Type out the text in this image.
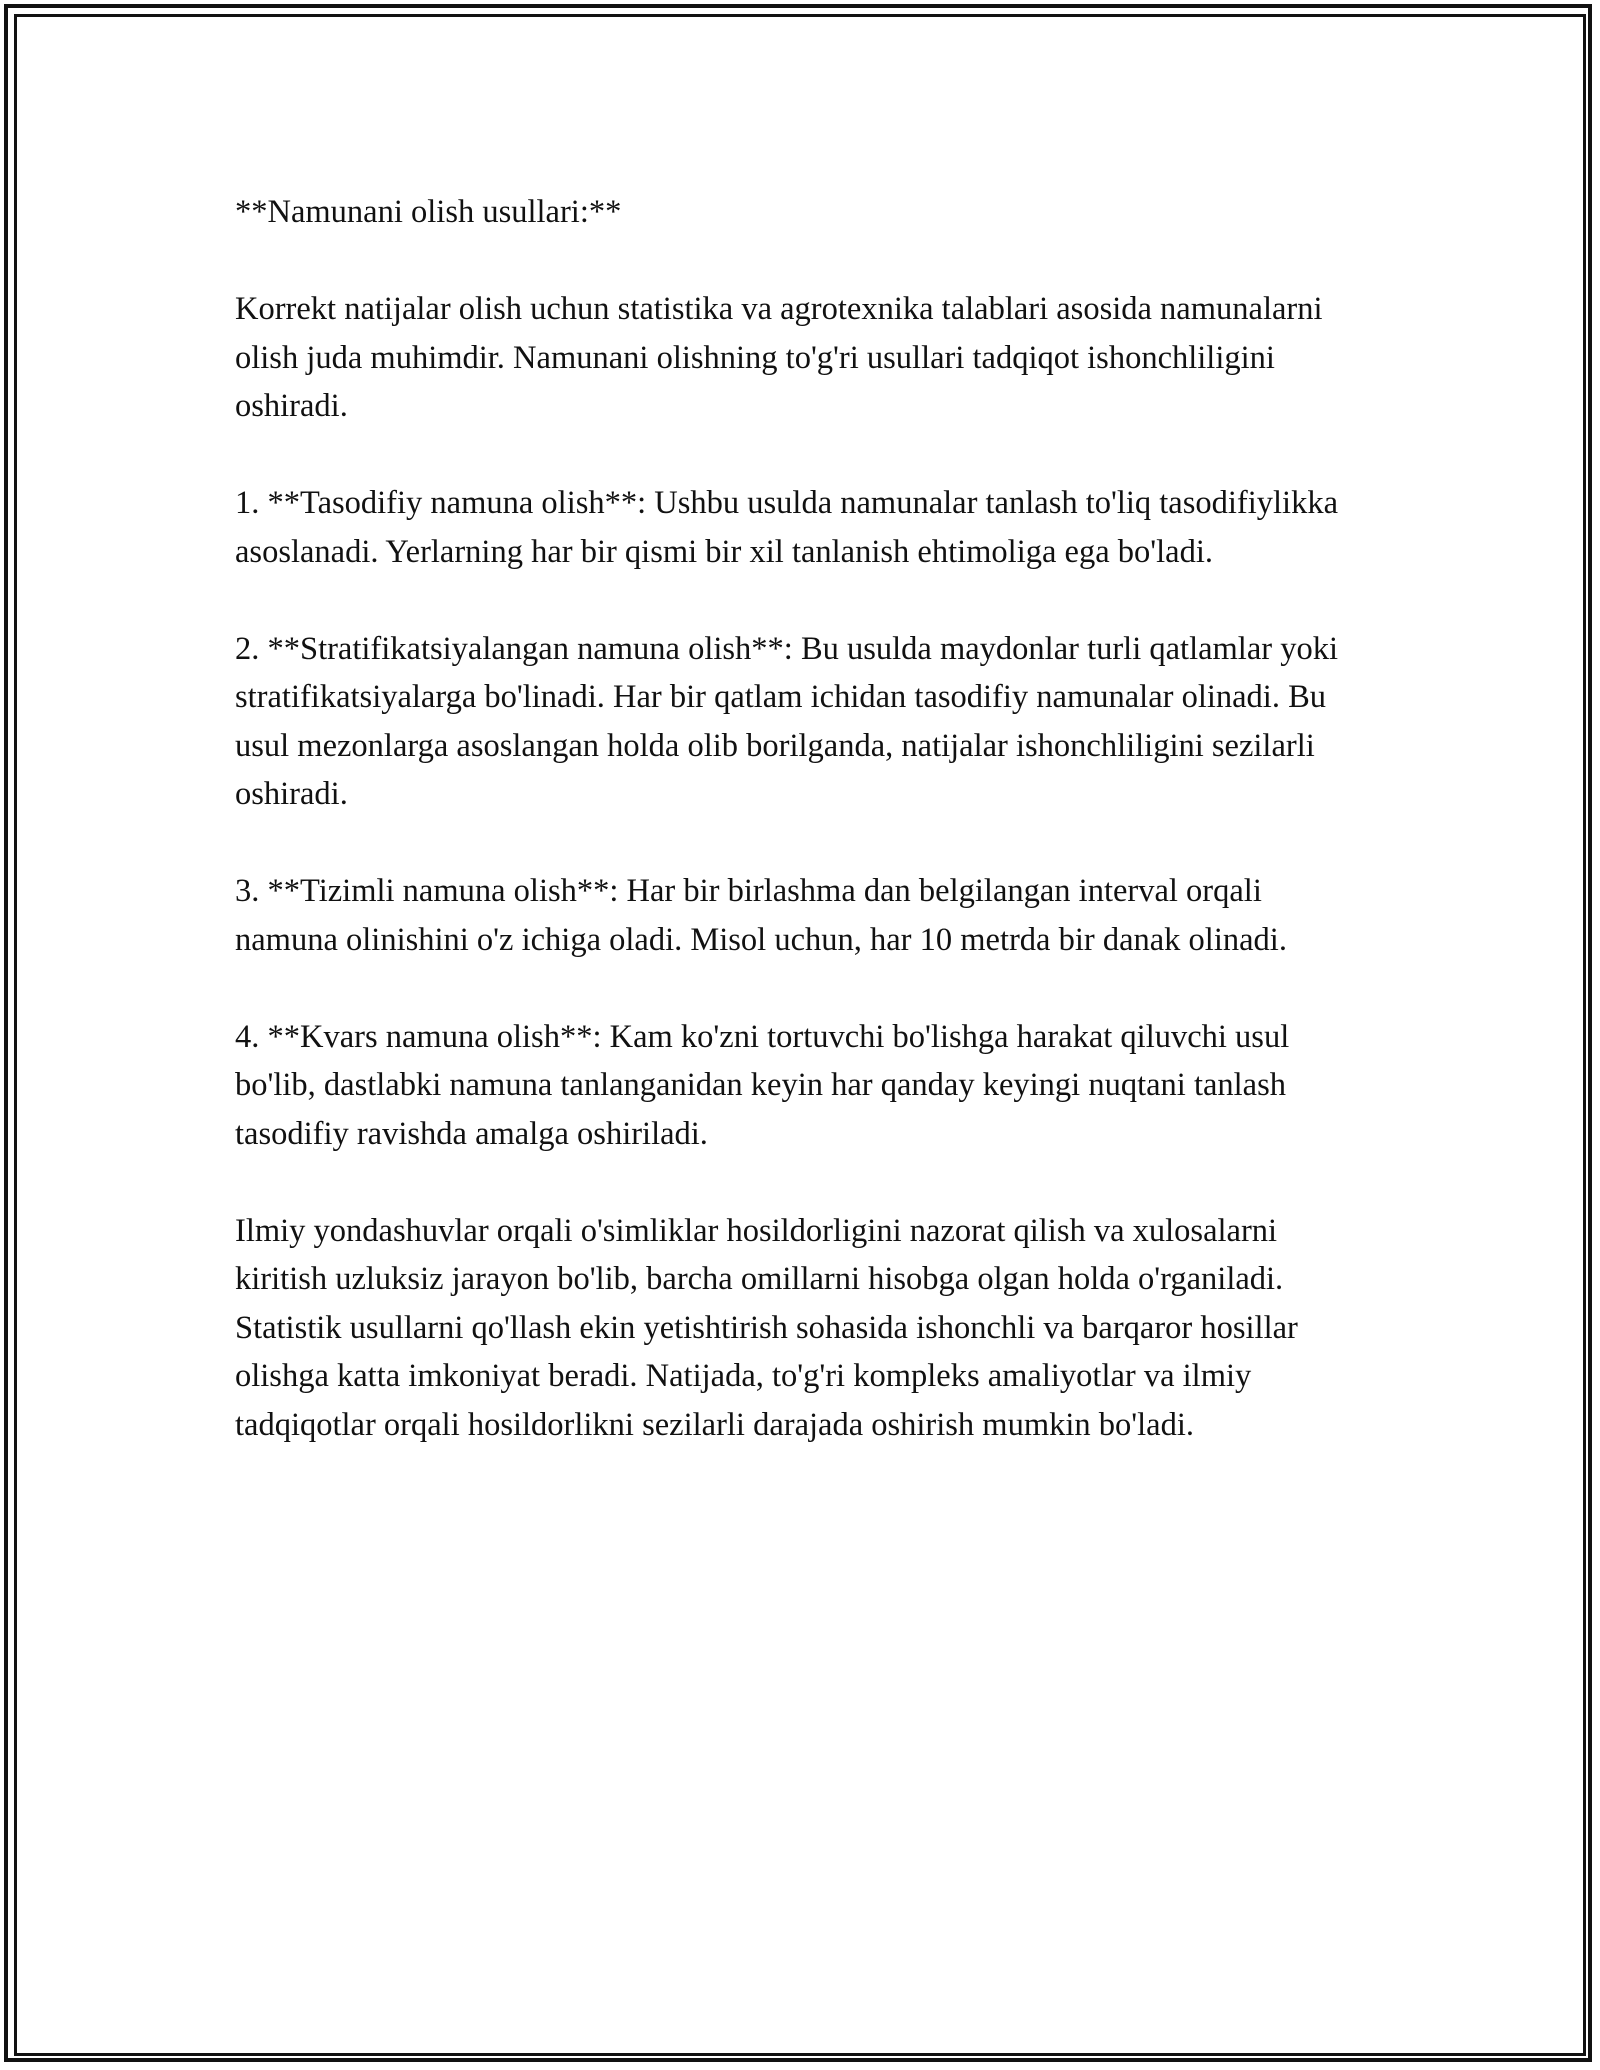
**Namunani olish usullari:**

Korrekt natijalar olish uchun statistika va agrotexnika talablari asosida namunalarni olish juda muhimdir. Namunani olishning to'g'ri usullari tadqiqot ishonchliligini oshiradi.

1. **Tasodifiy namuna olish**: Ushbu usulda namunalar tanlash to'liq tasodifiylikka asoslanadi. Yerlarning har bir qismi bir xil tanlanish ehtimoliga ega bo'ladi.

2. **Stratifikatsiyalangan namuna olish**: Bu usulda maydonlar turli qatlamlar yoki stratifikatsiyalarga bo'linadi. Har bir qatlam ichidan tasodifiy namunalar olinadi. Bu usul mezonlarga asoslangan holda olib borilganda, natijalar ishonchliligini sezilarli oshiradi.

3. **Tizimli namuna olish**: Har bir birlashma dan belgilangan interval orqali namuna olinishini o'z ichiga oladi. Misol uchun, har 10 metrda bir danak olinadi.

4. **Kvars namuna olish**: Kam ko'zni tortuvchi bo'lishga harakat qiluvchi usul bo'lib, dastlabki namuna tanlanganidan keyin har qanday keyingi nuqtani tanlash tasodifiy ravishda amalga oshiriladi.

Ilmiy yondashuvlar orqali o'simliklar hosildorligini nazorat qilish va xulosalarni kiritish uzluksiz jarayon bo'lib, barcha omillarni hisobga olgan holda o'rganiladi. Statistik usullarni qo'llash ekin yetishtirish sohasida ishonchli va barqaror hosillar olishga katta imkoniyat beradi. Natijada, to'g'ri kompleks amaliyotlar va ilmiy tadqiqotlar orqali hosildorlikni sezilarli darajada oshirish mumkin bo'ladi.
